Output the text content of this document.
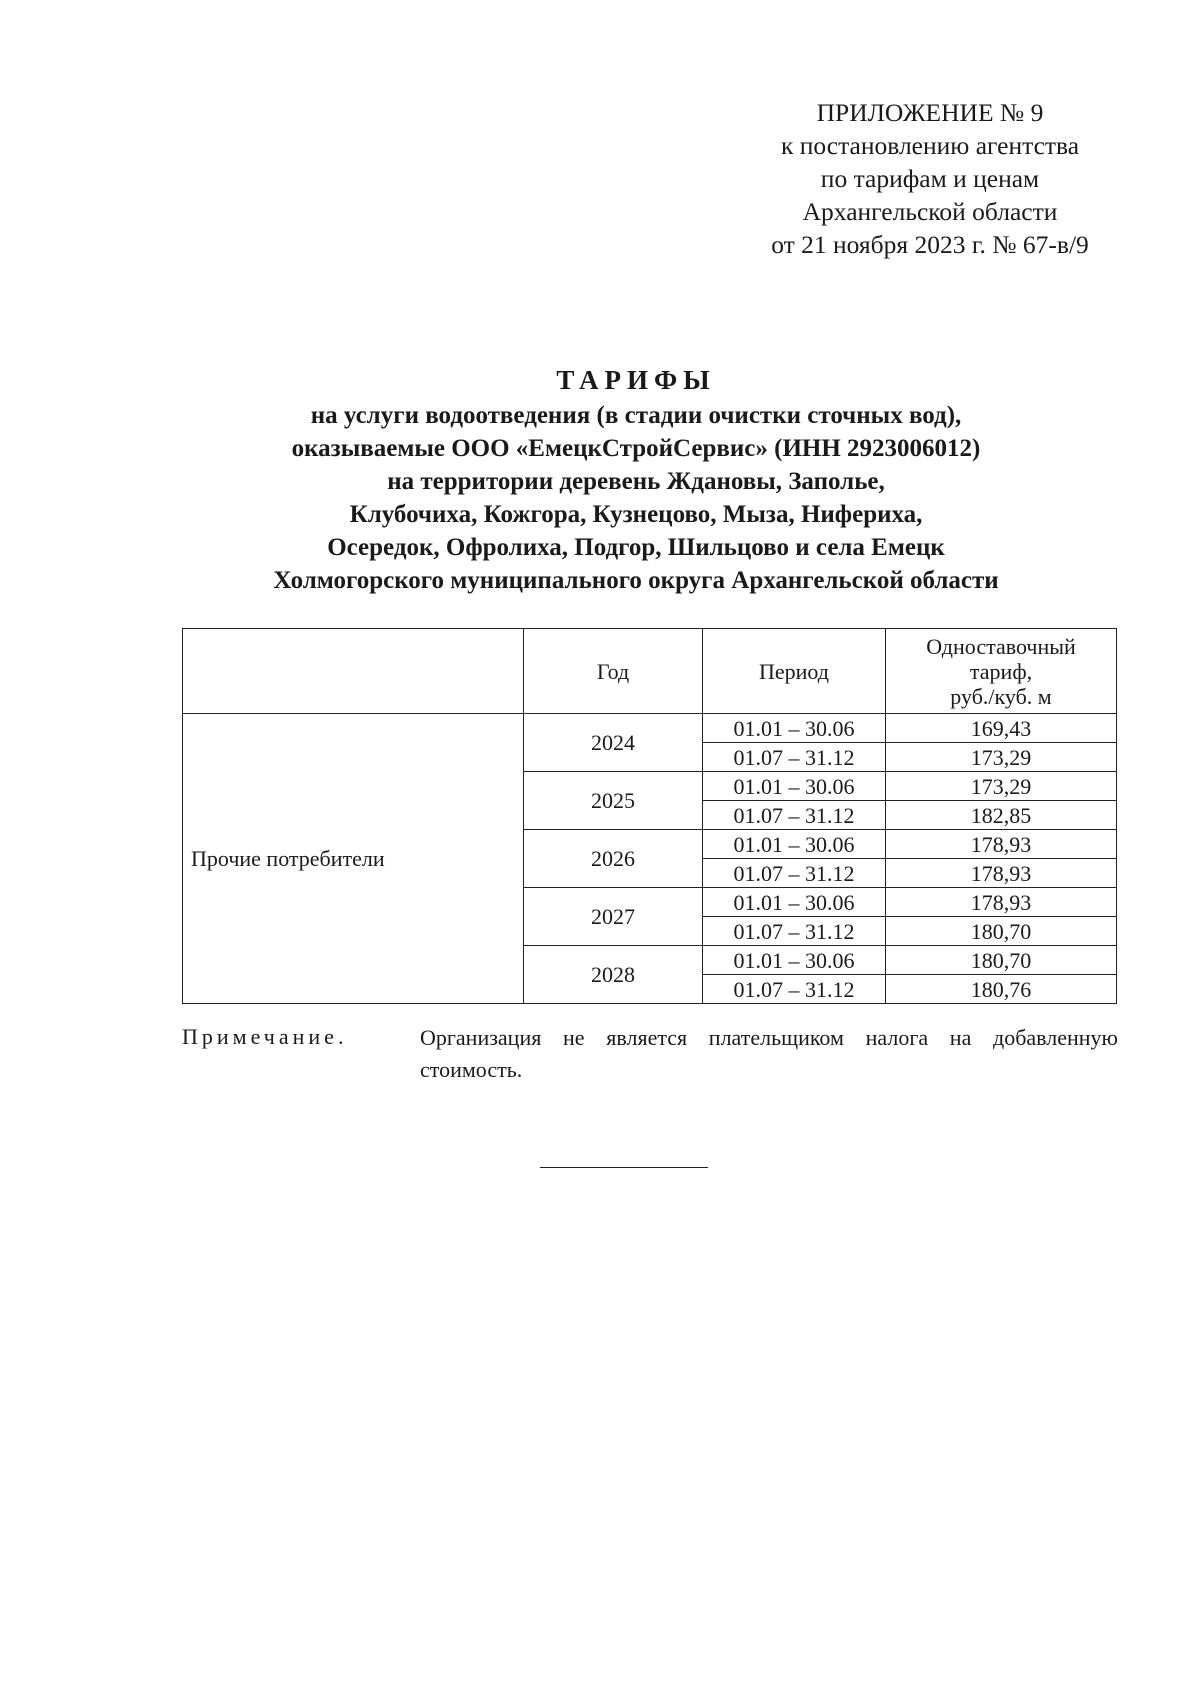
ПРИЛОЖЕНИЕ № 9
к постановлению агентства
по тарифам и ценам
Архангельской области
от 21 ноября 2023 г. № 67-в/9
ТАРИФЫ
на услуги водоотведения (в стадии очистки сточных вод),
оказываемые ООО «ЕмецкСтройСервис» (ИНН 2923006012)
на территории деревень Ждановы, Заполье,
Клубочиха, Кожгора, Кузнецово, Мыза, Нифериха,
Осередок, Офролиха, Подгор, Шильцово и села Емецк
Холмогорского муниципального округа Архангельской области
	Год	Период	Одноставочный
тариф,
руб./куб. м

Прочие потребители	2024	01.01 – 30.06	169,43
		01.07 – 31.12	173,29
	2025	01.01 – 30.06	173,29
		01.07 – 31.12	182,85
	2026	01.01 – 30.06	178,93
		01.07 – 31.12	178,93
	2027	01.01 – 30.06	178,93
		01.07 – 31.12	180,70
	2028	01.01 – 30.06	180,70
		01.07 – 31.12	180,76
Примечание.	Организация не является плательщиком налога на добавленную стоимость.
